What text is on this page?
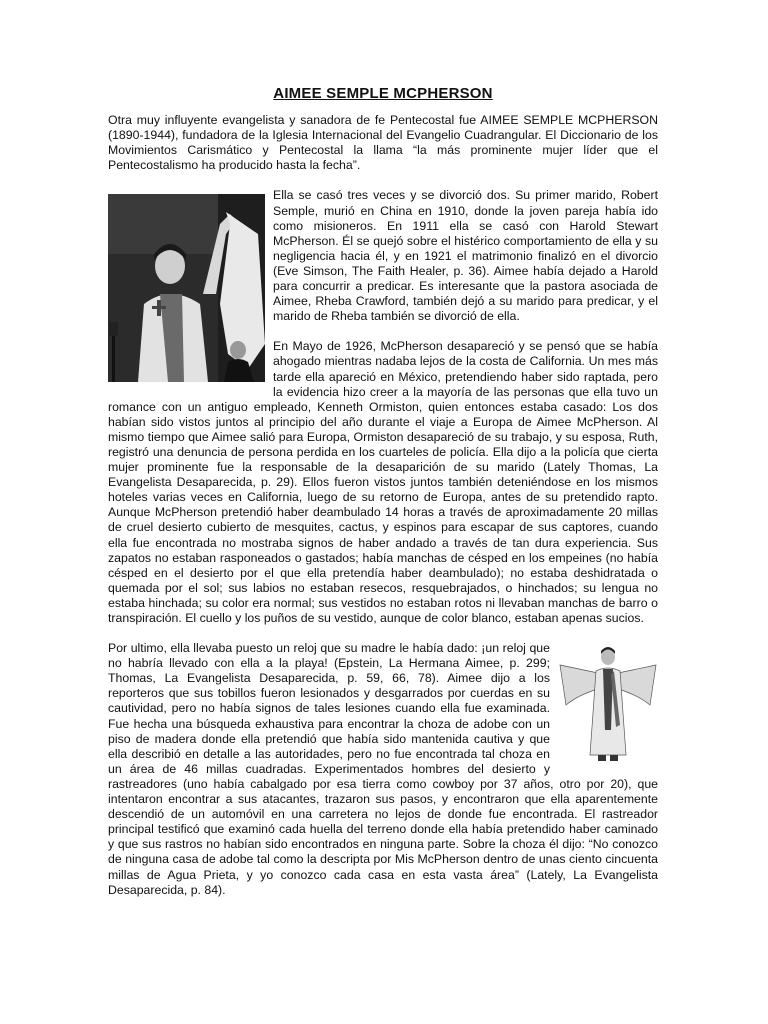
AIMEE SEMPLE MCPHERSON

Otra muy influyente evangelista y sanadora de fe Pentecostal fue AIMEE SEMPLE MCPHERSON (1890-1944), fundadora de la Iglesia Internacional del Evangelio Cuadrangular. El Diccionario de los Movimientos Carismático y Pentecostal la llama “la más prominente mujer líder que el Pentecostalismo ha producido hasta la fecha”.

Ella se casó tres veces y se divorció dos. Su primer marido, Robert Semple, murió en China en 1910, donde la joven pareja había ido como misioneros. En 1911 ella se casó con Harold Stewart McPherson. Él se quejó sobre el histérico comportamiento de ella y su negligencia hacia él, y en 1921 el matrimonio finalizó en el divorcio (Eve Simson, The Faith Healer, p. 36). Aimee había dejado a Harold para concurrir a predicar. Es interesante que la pastora asociada de Aimee, Rheba Crawford, también dejó a su marido para predicar, y el marido de Rheba también se divorció de ella.

En Mayo de 1926, McPherson desapareció y se pensó que se había ahogado mientras nadaba lejos de la costa de California. Un mes más tarde ella apareció en México, pretendiendo haber sido raptada, pero la evidencia hizo creer a la mayoría de las personas que ella tuvo un romance con un antiguo empleado, Kenneth Ormiston, quien entonces estaba casado: Los dos habían sido vistos juntos al principio del año durante el viaje a Europa de Aimee McPherson. Al mismo tiempo que Aimee salió para Europa, Ormiston desapareció de su trabajo, y su esposa, Ruth, registró una denuncia de persona perdida en los cuarteles de policía. Ella dijo a la policía que cierta mujer prominente fue la responsable de la desaparición de su marido (Lately Thomas, La Evangelista Desaparecida, p. 29). Ellos fueron vistos juntos también deteniéndose en los mismos hoteles varias veces en California, luego de su retorno de Europa, antes de su pretendido rapto. Aunque McPherson pretendió haber deambulado 14 horas a través de aproximadamente 20 millas de cruel desierto cubierto de mesquites, cactus, y espinos para escapar de sus captores, cuando ella fue encontrada no mostraba signos de haber andado a través de tan dura experiencia. Sus zapatos no estaban rasponeados o gastados; había manchas de césped en los empeines (no había césped en el desierto por el que ella pretendía haber deambulado); no estaba deshidratada o quemada por el sol; sus labios no estaban resecos, resquebrajados, o hinchados; su lengua no estaba hinchada; su color era normal; sus vestidos no estaban rotos ni llevaban manchas de barro o transpiración. El cuello y los puños de su vestido, aunque de color blanco, estaban apenas sucios.

Por ultimo, ella llevaba puesto un reloj que su madre le había dado: ¡un reloj que no habría llevado con ella a la playa! (Epstein, La Hermana Aimee, p. 299; Thomas, La Evangelista Desaparecida, p. 59, 66, 78). Aimee dijo a los reporteros que sus tobillos fueron lesionados y desgarrados por cuerdas en su cautividad, pero no había signos de tales lesiones cuando ella fue examinada. Fue hecha una búsqueda exhaustiva para encontrar la choza de adobe con un piso de madera donde ella pretendió que había sido mantenida cautiva y que ella describió en detalle a las autoridades, pero no fue encontrada tal choza en un área de 46 millas cuadradas. Experimentados hombres del desierto y rastreadores (uno había cabalgado por esa tierra como cowboy por 37 años, otro por 20), que intentaron encontrar a sus atacantes, trazaron sus pasos, y encontraron que ella aparentemente descendió de un automóvil en una carretera no lejos de donde fue encontrada. El rastreador principal testificó que examinó cada huella del terreno donde ella había pretendido haber caminado y que sus rastros no habían sido encontrados en ninguna parte. Sobre la choza él dijo: “No conozco de ninguna casa de adobe tal como la descripta por Mis McPherson dentro de unas ciento cincuenta millas de Agua Prieta, y yo conozco cada casa en esta vasta área” (Lately, La Evangelista Desaparecida, p. 84).
